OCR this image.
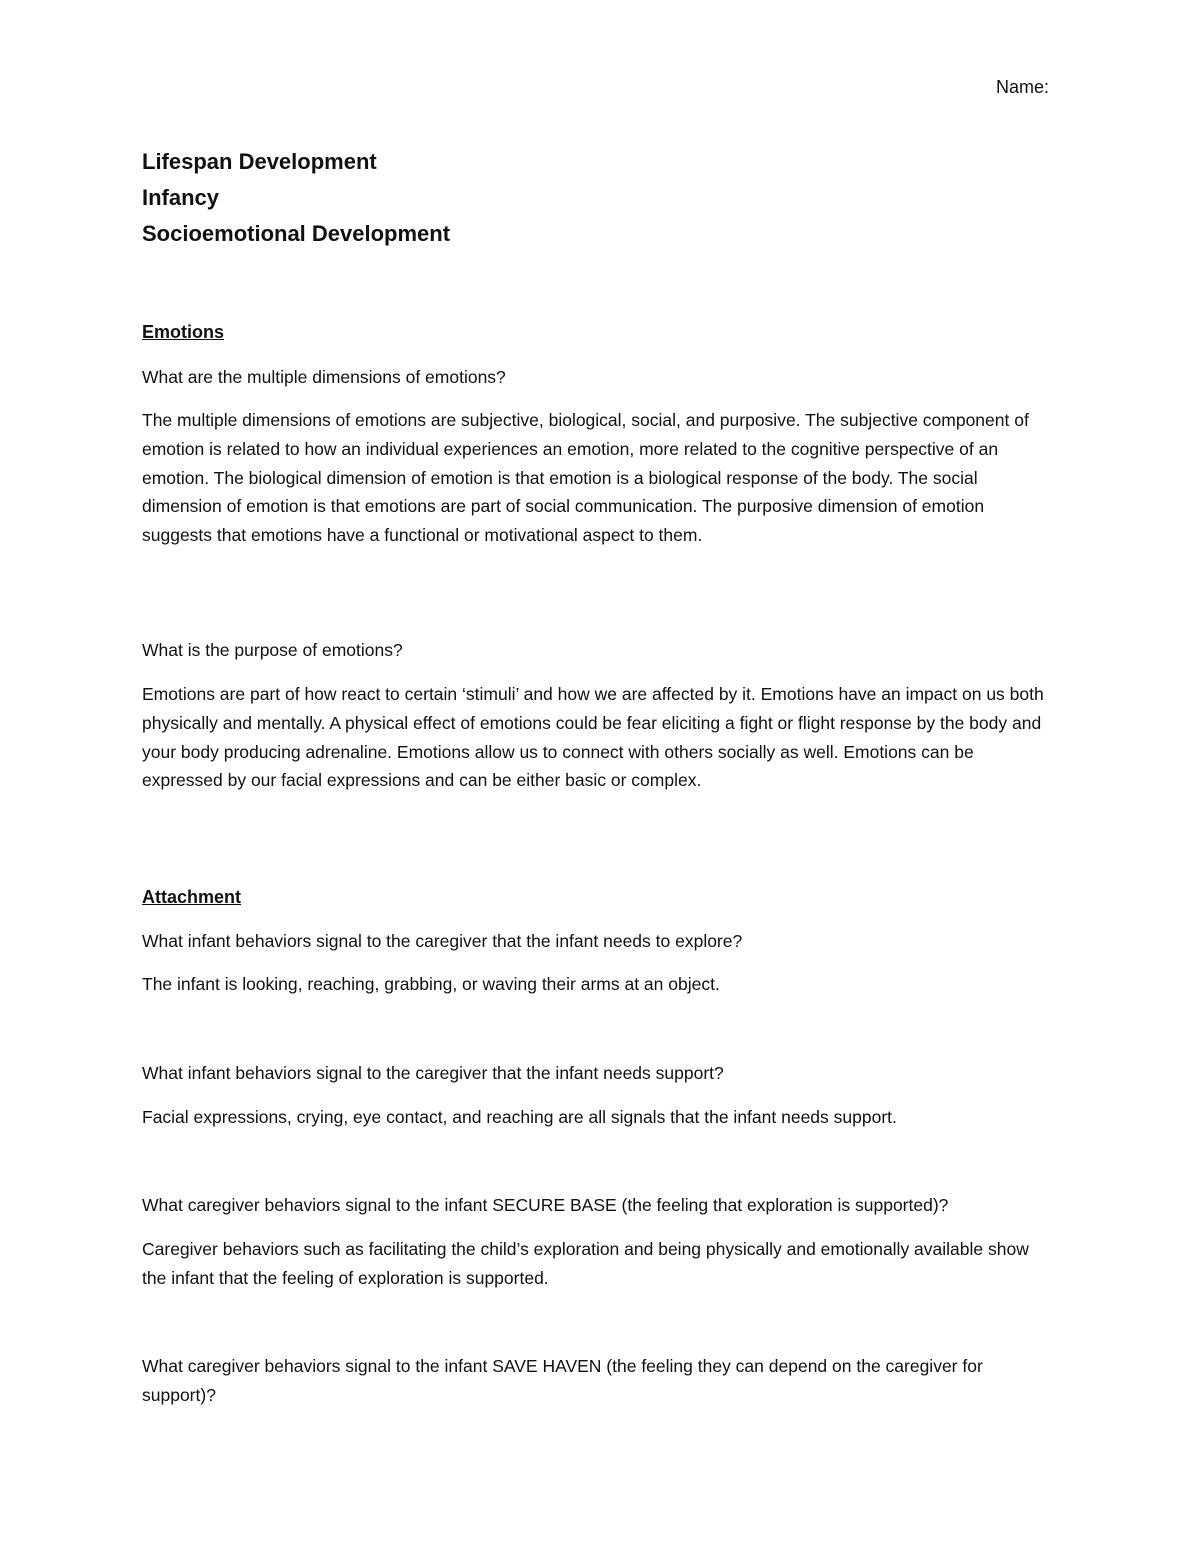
Name:

Lifespan Development

Infancy

Socioemotional Development

Emotions

What are the multiple dimensions of emotions?

The multiple dimensions of emotions are subjective, biological, social, and purposive. The subjective component of emotion is related to how an individual experiences an emotion, more related to the cognitive perspective of an emotion. The biological dimension of emotion is that emotion is a biological response of the body. The social dimension of emotion is that emotions are part of social communication. The purposive dimension of emotion suggests that emotions have a functional or motivational aspect to them.

What is the purpose of emotions?

Emotions are part of how react to certain ‘stimuli’ and how we are affected by it. Emotions have an impact on us both physically and mentally. A physical effect of emotions could be fear eliciting a fight or flight response by the body and your body producing adrenaline. Emotions allow us to connect with others socially as well. Emotions can be expressed by our facial expressions and can be either basic or complex.

Attachment

What infant behaviors signal to the caregiver that the infant needs to explore?

The infant is looking, reaching, grabbing, or waving their arms at an object.

What infant behaviors signal to the caregiver that the infant needs support?

Facial expressions, crying, eye contact, and reaching are all signals that the infant needs support.

What caregiver behaviors signal to the infant SECURE BASE (the feeling that exploration is supported)?

Caregiver behaviors such as facilitating the child’s exploration and being physically and emotionally available show the infant that the feeling of exploration is supported.

What caregiver behaviors signal to the infant SAVE HAVEN (the feeling they can depend on the caregiver for support)?
